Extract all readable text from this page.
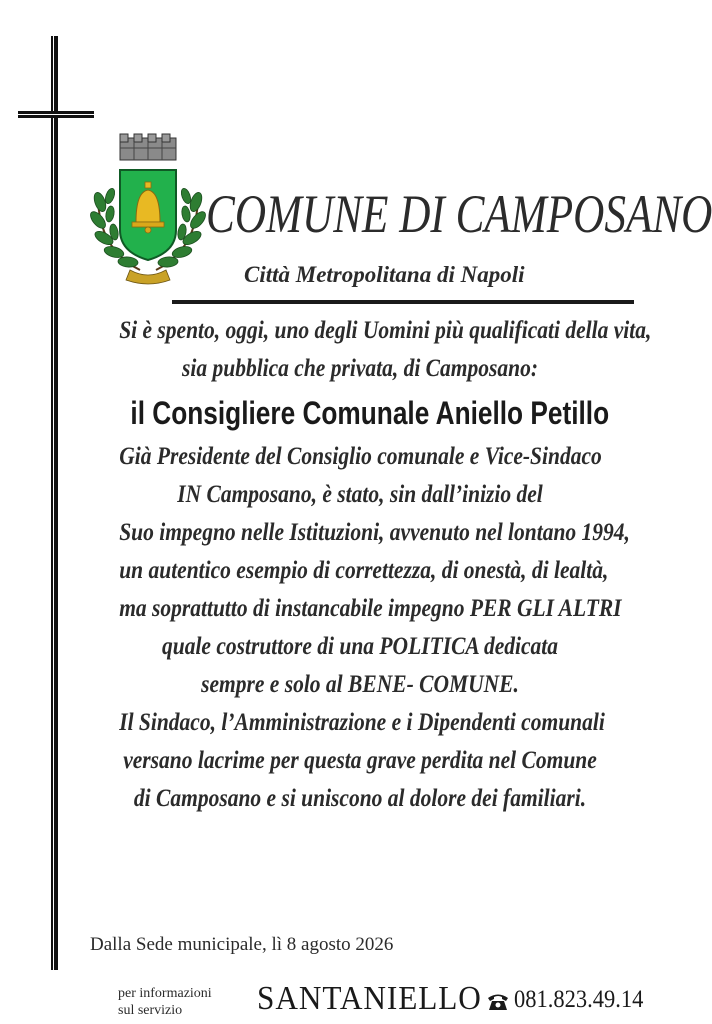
COMUNE DI CAMPOSANO
Città Metropolitana di Napoli
Si è spento, oggi, uno degli Uomini più qualificati della vita,
sia pubblica che privata, di Camposano:
il Consigliere Comunale Aniello Petillo
Già Presidente del Consiglio comunale e Vice-Sindaco
IN Camposano, è stato, sin dall’inizio del
Suo impegno nelle Istituzioni, avvenuto nel lontano 1994,
un autentico esempio di correttezza, di onestà, di lealtà,
ma soprattutto di instancabile impegno PER GLI ALTRI
quale costruttore di una POLITICA dedicata
sempre e solo al BENE- COMUNE.
Il Sindaco, l’Amministrazione e i Dipendenti comunali
versano lacrime per questa grave perdita nel Comune
di Camposano e si uniscono al dolore dei familiari.
Dalla Sede municipale, lì 8 agosto 2026
per informazioni
sul servizio	SANTANIELLO 081.823.49.14
